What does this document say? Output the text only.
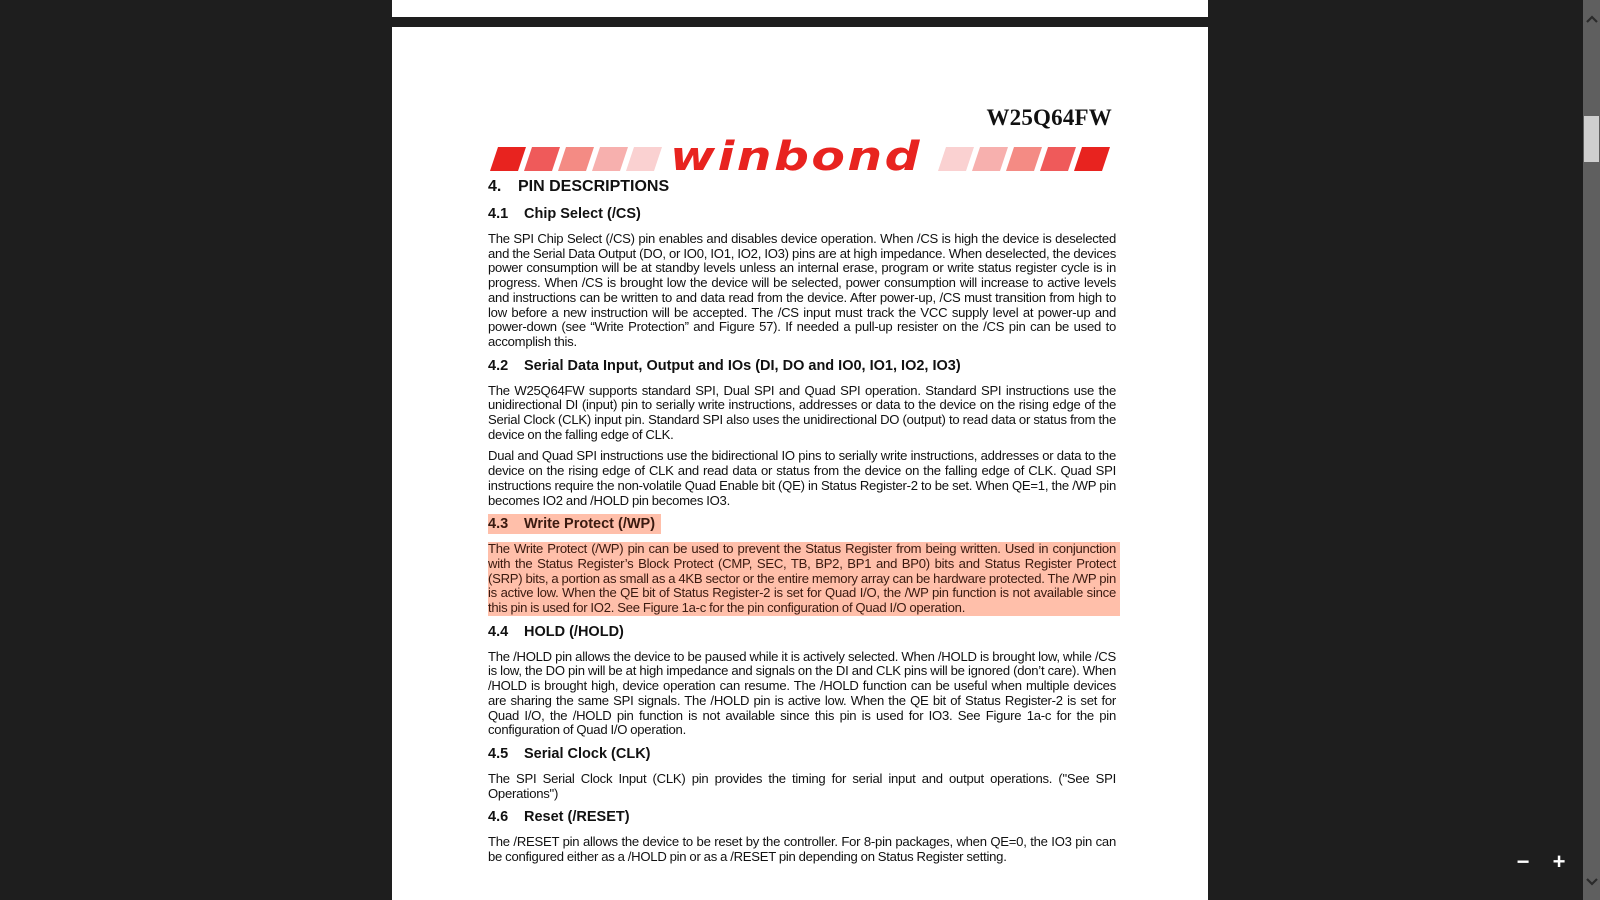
W25Q64FW
winbond
4. PIN DESCRIPTIONS
4.1 Chip Select (/CS)

The SPI Chip Select (/CS) pin enables and disables device operation. When /CS is high the device is deselected and the Serial Data Output (DO, or IO0, IO1, IO2, IO3) pins are at high impedance. When deselected, the devices power consumption will be at standby levels unless an internal erase, program or write status register cycle is in progress. When /CS is brought low the device will be selected, power consumption will increase to active levels and instructions can be written to and data read from the device. After power-up, /CS must transition from high to low before a new instruction will be accepted. The /CS input must track the VCC supply level at power-up and power-down (see “Write Protection” and Figure 57). If needed a pull-up resister on the /CS pin can be used to accomplish this.

4.2 Serial Data Input, Output and IOs (DI, DO and IO0, IO1, IO2, IO3)

The W25Q64FW supports standard SPI, Dual SPI and Quad SPI operation. Standard SPI instructions use the unidirectional DI (input) pin to serially write instructions, addresses or data to the device on the rising edge of the Serial Clock (CLK) input pin. Standard SPI also uses the unidirectional DO (output) to read data or status from the device on the falling edge of CLK.

Dual and Quad SPI instructions use the bidirectional IO pins to serially write instructions, addresses or data to the device on the rising edge of CLK and read data or status from the device on the falling edge of CLK. Quad SPI instructions require the non-volatile Quad Enable bit (QE) in Status Register-2 to be set. When QE=1, the /WP pin becomes IO2 and /HOLD pin becomes IO3.

4.3 Write Protect (/WP)

The Write Protect (/WP) pin can be used to prevent the Status Register from being written. Used in conjunction with the Status Register’s Block Protect (CMP, SEC, TB, BP2, BP1 and BP0) bits and Status Register Protect (SRP) bits, a portion as small as a 4KB sector or the entire memory array can be hardware protected. The /WP pin is active low. When the QE bit of Status Register-2 is set for Quad I/O, the /WP pin function is not available since this pin is used for IO2. See Figure 1a-c for the pin configuration of Quad I/O operation.

4.4 HOLD (/HOLD)

The /HOLD pin allows the device to be paused while it is actively selected. When /HOLD is brought low, while /CS is low, the DO pin will be at high impedance and signals on the DI and CLK pins will be ignored (don’t care). When /HOLD is brought high, device operation can resume. The /HOLD function can be useful when multiple devices are sharing the same SPI signals. The /HOLD pin is active low. When the QE bit of Status Register-2 is set for Quad I/O, the /HOLD pin function is not available since this pin is used for IO3. See Figure 1a-c for the pin configuration of Quad I/O operation.

4.5 Serial Clock (CLK)

The SPI Serial Clock Input (CLK) pin provides the timing for serial input and output operations. ("See SPI Operations")

4.6 Reset (/RESET)

The /RESET pin allows the device to be reset by the controller. For 8-pin packages, when QE=0, the IO3 pin can be configured either as a /HOLD pin or as a /RESET pin depending on Status Register setting.	− +
